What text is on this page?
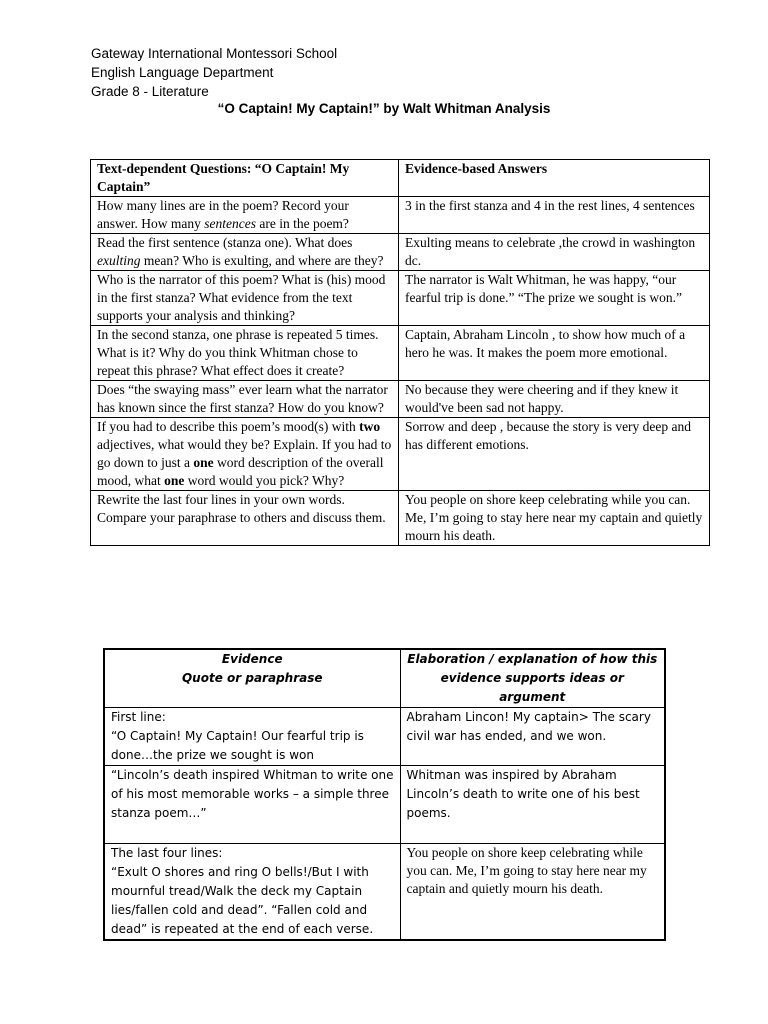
Gateway International Montessori School
English Language Department
Grade 8 - Literature
“O Captain! My Captain!” by Walt Whitman Analysis
Text-dependent Questions: “O Captain! My Captain”	Evidence-based Answers
How many lines are in the poem? Record your answer. How many sentences are in the poem?	3 in the first stanza and 4 in the rest lines, 4 sentences
Read the first sentence (stanza one). What does exulting mean? Who is exulting, and where are they?	Exulting means to celebrate ,the crowd in washington dc.
Who is the narrator of this poem? What is (his) mood in the first stanza? What evidence from the text supports your analysis and thinking?	The narrator is Walt Whitman, he was happy, “our fearful trip is done.” “The prize we sought is won.”
In the second stanza, one phrase is repeated 5 times. What is it? Why do you think Whitman chose to repeat this phrase? What effect does it create?	Captain, Abraham Lincoln , to show how much of a hero he was. It makes the poem more emotional.
Does “the swaying mass” ever learn what the narrator has known since the first stanza? How do you know?	No because they were cheering and if they knew it would've been sad not happy.
If you had to describe this poem’s mood(s) with two adjectives, what would they be? Explain. If you had to go down to just a one word description of the overall mood, what one word would you pick? Why?	Sorrow and deep , because the story is very deep and has different emotions.
Rewrite the last four lines in your own words. Compare your paraphrase to others and discuss them.	You people on shore keep celebrating while you can. Me, I’m going to stay here near my captain and quietly mourn his death.
Evidence
Quote or paraphrase	Elaboration / explanation of how this evidence supports ideas or argument
First line:
“O Captain! My Captain! Our fearful trip is done…the prize we sought is won	Abraham Lincon! My captain> The scary civil war has ended, and we won.
“Lincoln’s death inspired Whitman to write one of his most memorable works – a simple three stanza poem…”	Whitman was inspired by Abraham Lincoln’s death to write one of his best poems.
The last four lines:
“Exult O shores and ring O bells!/But I with mournful tread/Walk the deck my Captain lies/fallen cold and dead”. “Fallen cold and dead” is repeated at the end of each verse.	You people on shore keep celebrating while you can. Me, I’m going to stay here near my captain and quietly mourn his death.
